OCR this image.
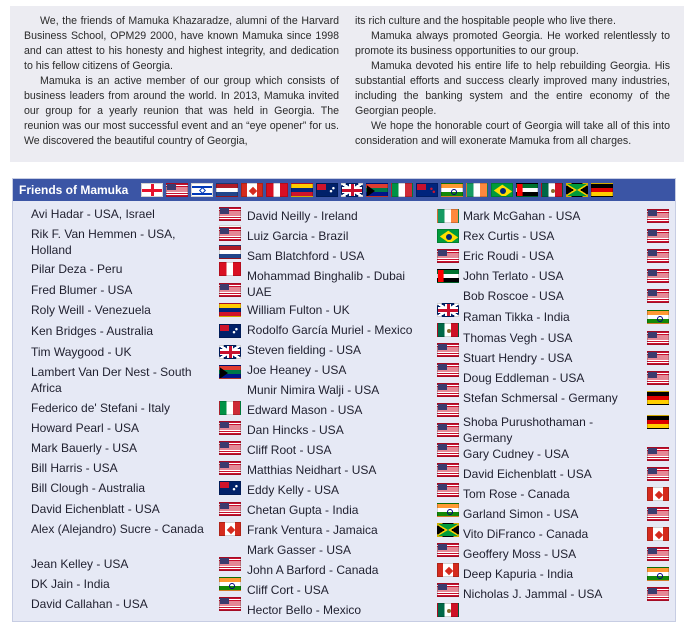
We, the friends of Mamuka Khazaradze, alumni of the Harvard Business School, OPM29 2000, have known Mamuka since 1998 and can attest to his honesty and highest integrity, and dedication to his fellow citizens of Georgia.

Mamuka is an active member of our group which consists of business leaders from around the world. In 2013, Mamuka invited our group for a yearly reunion that was held in Georgia. The reunion was our most successful event and an “eye opener” for us. We discovered the beautiful country of Georgia,

its rich culture and the hospitable people who live there.

Mamuka always promoted Georgia. He worked relentlessly to promote its business opportunities to our group.

Mamuka devoted his entire life to help rebuilding Georgia. His substantial efforts and success clearly improved many industries, including the banking system and the entire economy of the Georgian people.

We hope the honorable court of Georgia will take all of this into consideration and will exonerate Mamuka from all charges.

Friends of Mamuka
Avi Hadar - USA, Israel
Rik F. Van Hemmen - USA, Holland
Pilar Deza - Peru
Fred Blumer - USA
Roly Weill - Venezuela
Ken Bridges - Australia
Tim Waygood - UK
Lambert Van Der Nest - South Africa
Federico de' Stefani - Italy
Howard Pearl - USA
Mark Bauerly - USA
Bill Harris - USA
Bill Clough - Australia
David Eichenblatt - USA
Alex (Alejandro) Sucre - Canada
Jean Kelley - USA
DK Jain - India
David Callahan - USA
David Neilly - Ireland
Luiz Garcia - Brazil
Sam Blatchford - USA
Mohammad Binghalib - Dubai UAE
William Fulton - UK
Rodolfo García Muriel - Mexico
Steven fielding - USA
Joe Heaney - USA
Munir Nimira Walji - USA
Edward Mason - USA
Dan Hincks - USA
Cliff Root - USA
Matthias Neidhart - USA
Eddy Kelly - USA
Chetan Gupta - India
Frank Ventura - Jamaica
Mark Gasser - USA
John A Barford - Canada
Cliff Cort - USA
Hector Bello - Mexico
Mark McGahan - USA
Rex Curtis - USA
Eric Roudi - USA
John Terlato - USA
Bob Roscoe - USA
Raman Tikka - India
Thomas Vegh - USA
Stuart Hendry - USA
Doug Eddleman - USA
Stefan Schmersal - Germany
Shoba Purushothaman - Germany
Gary Cudney - USA
David Eichenblatt - USA
Tom Rose - Canada
Garland Simon - USA
Vito DiFranco - Canada
Geoffery Moss - USA
Deep Kapuria - India
Nicholas J. Jammal - USA
